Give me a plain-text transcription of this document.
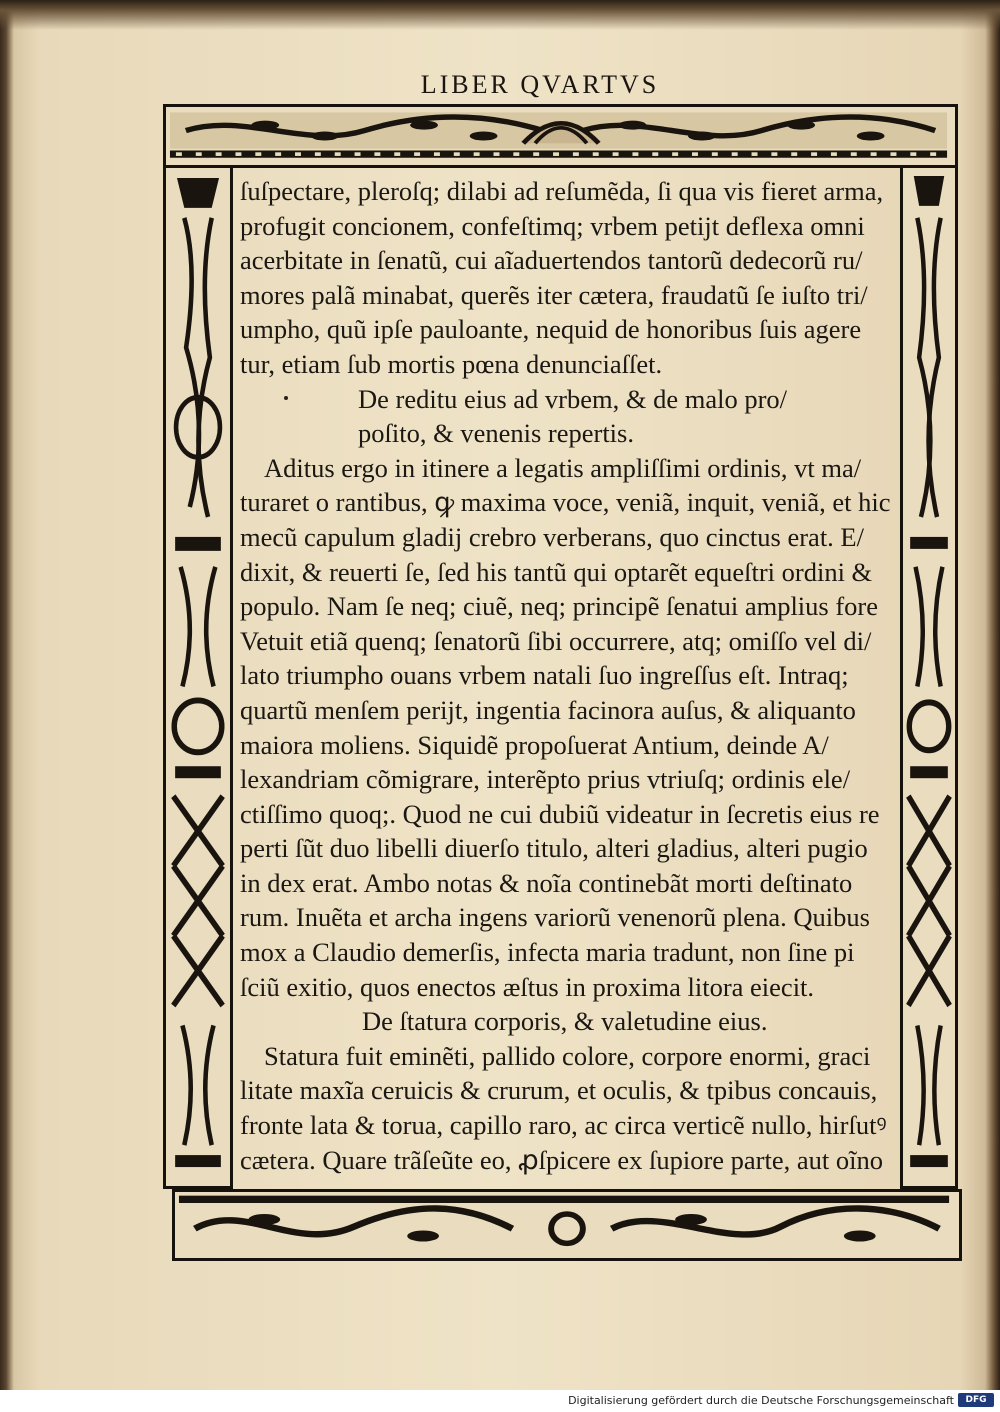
LIBER QVARTVS
ſuſpectare, pleroſq; dilabi ad reſumẽda, ſi qua vis fieret arma,
profugit concionem, confeſtimq; vrbem petijt deflexa omni
acerbitate in ſenatũ, cui aĩaduertendos tantorũ dedecorũ ru/
mores palã minabat, querẽs iter cætera, fraudatũ ſe iuſto tri/
umpho, quũ ipſe pauloante, nequid de honoribus ſuis agere
tur, etiam ſub mortis pœna denunciaſſet.
De reditu eius ad vrbem, & de malo pro/
poſito, & venenis repertis.
Aditus ergo in itinere a legatis ampliſſimi ordinis, vt ma/
turaret o rantibus, ꝙ maxima voce, veniã, inquit, veniã, et hic
mecũ capulum gladij crebro verberans, quo cinctus erat. E/
dixit, & reuerti ſe, ſed his tantũ qui optarẽt equeſtri ordini &
populo. Nam ſe neq; ciuẽ, neq; principẽ ſenatui amplius fore
Vetuit etiã quenq; ſenatorũ ſibi occurrere, atq; omiſſo vel di/
lato triumpho ouans vrbem natali ſuo ingreſſus eſt. Intraq;
quartũ menſem perijt, ingentia facinora auſus, & aliquanto
maiora moliens. Siquidẽ propoſuerat Antium, deinde A/
lexandriam cõmigrare, interẽpto prius vtriuſq; ordinis ele/
ctiſſimo quoq;. Quod ne cui dubiũ videatur in ſecretis eius re
perti ſũt duo libelli diuerſo titulo, alteri gladius, alteri pugio
in dex erat. Ambo notas & noĩa continebãt morti deſtinato
rum. Inuẽta et archa ingens variorũ venenorũ plena. Quibus
mox a Claudio demerſis, infecta maria tradunt, non ſine pi
ſciũ exitio, quos enectos æſtus in proxima litora eiecit.
De ſtatura corporis, & valetudine eius.
Statura fuit eminẽti, pallido colore, corpore enormi, graci
litate maxĩa ceruicis & crurum, et oculis, & tpibus concauis,
fronte lata & torua, capillo raro, ac circa verticẽ nullo, hirſutꝰ
cætera. Quare trãſeũte eo, ꝓſpicere ex ſupiore parte, aut oĩno
Digitalisierung gefördert durch die Deutsche Forschungsgemeinschaft	DFG
